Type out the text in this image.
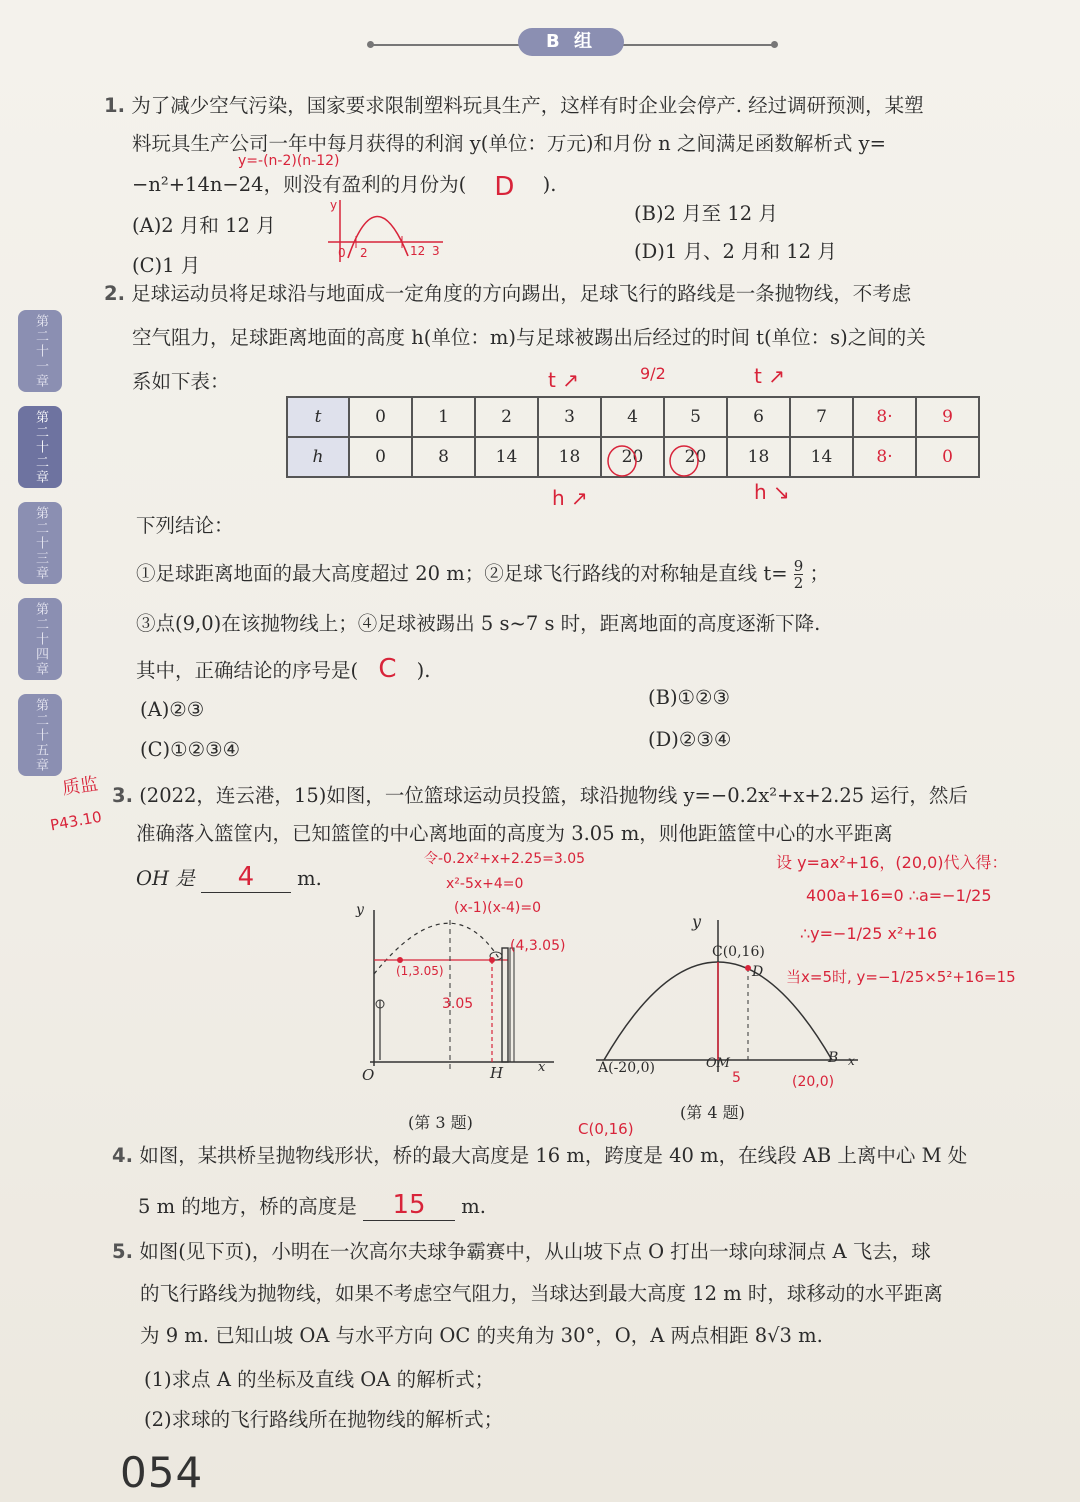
B 组
第二十一章
第二十二章
第二十三章
第二十四章
第二十五章
1. 为了减少空气污染，国家要求限制塑料玩具生产，这样有时企业会停产. 经过调研预测，某塑
料玩具生产公司一年中每月获得的利润 y(单位：万元)和月份 n 之间满足函数解析式 y=
y=-(n-2)(n-12)
−n²+14n−24，则没有盈利的月份为( D ).
(A)2 月和 12 月
(B)2 月至 12 月
(C)1 月
(D)1 月、2 月和 12 月
y
0 2	12 3
2. 足球运动员将足球沿与地面成一定角度的方向踢出，足球飞行的路线是一条抛物线，不考虑
空气阻力，足球距离地面的高度 h(单位：m)与足球被踢出后经过的时间 t(单位：s)之间的关
系如下表：	t ↗	9/2	t ↗
t	0	1	2	3	4	5	6	7	8·	9
h	0	8	14	18	20	20	18	14	8·	0
h ↗	h ↘
下列结论：
①足球距离地面的最大高度超过 20 m；②足球飞行路线的对称轴是直线 $t= \frac{9}{2}$ ；
③点(9,0)在该抛物线上；④足球被踢出 5 s~7 s 时，距离地面的高度逐渐下降.
其中，正确结论的序号是( C ).
(A)②③
(B)①②③
(C)①②③④	(D)②③④
质监
P43.10
3. (2022，连云港，15)如图，一位篮球运动员投篮，球沿抛物线 y=−0.2x²+x+2.25 运行，然后
准确落入篮筐内，已知篮筐的中心离地面的高度为 3.05 m，则他距篮筐中心的水平距离
OH 是 4 m.
令-0.2x²+x+2.25=3.05
x²-5x+4=0
(x-1)(x-4)=0
y
O	H	x
(1,3.05)
(4,3.05)
3.05
(第 3 题)
设 y=ax²+16，(20,0)代入得：
400a+16=0 ∴a=−1/25
∴y=−1/25 x²+16
当x=5时, y=−1/25×5²+16=15
y
C(0,16)
D
A(-20,0)
B x
OM
5	(20,0)
(第 4 题)
C(0,16)
4. 如图，某拱桥呈抛物线形状，桥的最大高度是 16 m，跨度是 40 m，在线段 AB 上离中心 M 处
5 m 的地方，桥的高度是 15 m.
5. 如图(见下页)，小明在一次高尔夫球争霸赛中，从山坡下点 O 打出一球向球洞点 A 飞去，球
的飞行路线为抛物线，如果不考虑空气阻力，当球达到最大高度 12 m 时，球移动的水平距离
为 9 m. 已知山坡 OA 与水平方向 OC 的夹角为 30°，O，A 两点相距 8√3 m.
(1)求点 A 的坐标及直线 OA 的解析式；
(2)求球的飞行路线所在抛物线的解析式；
054
